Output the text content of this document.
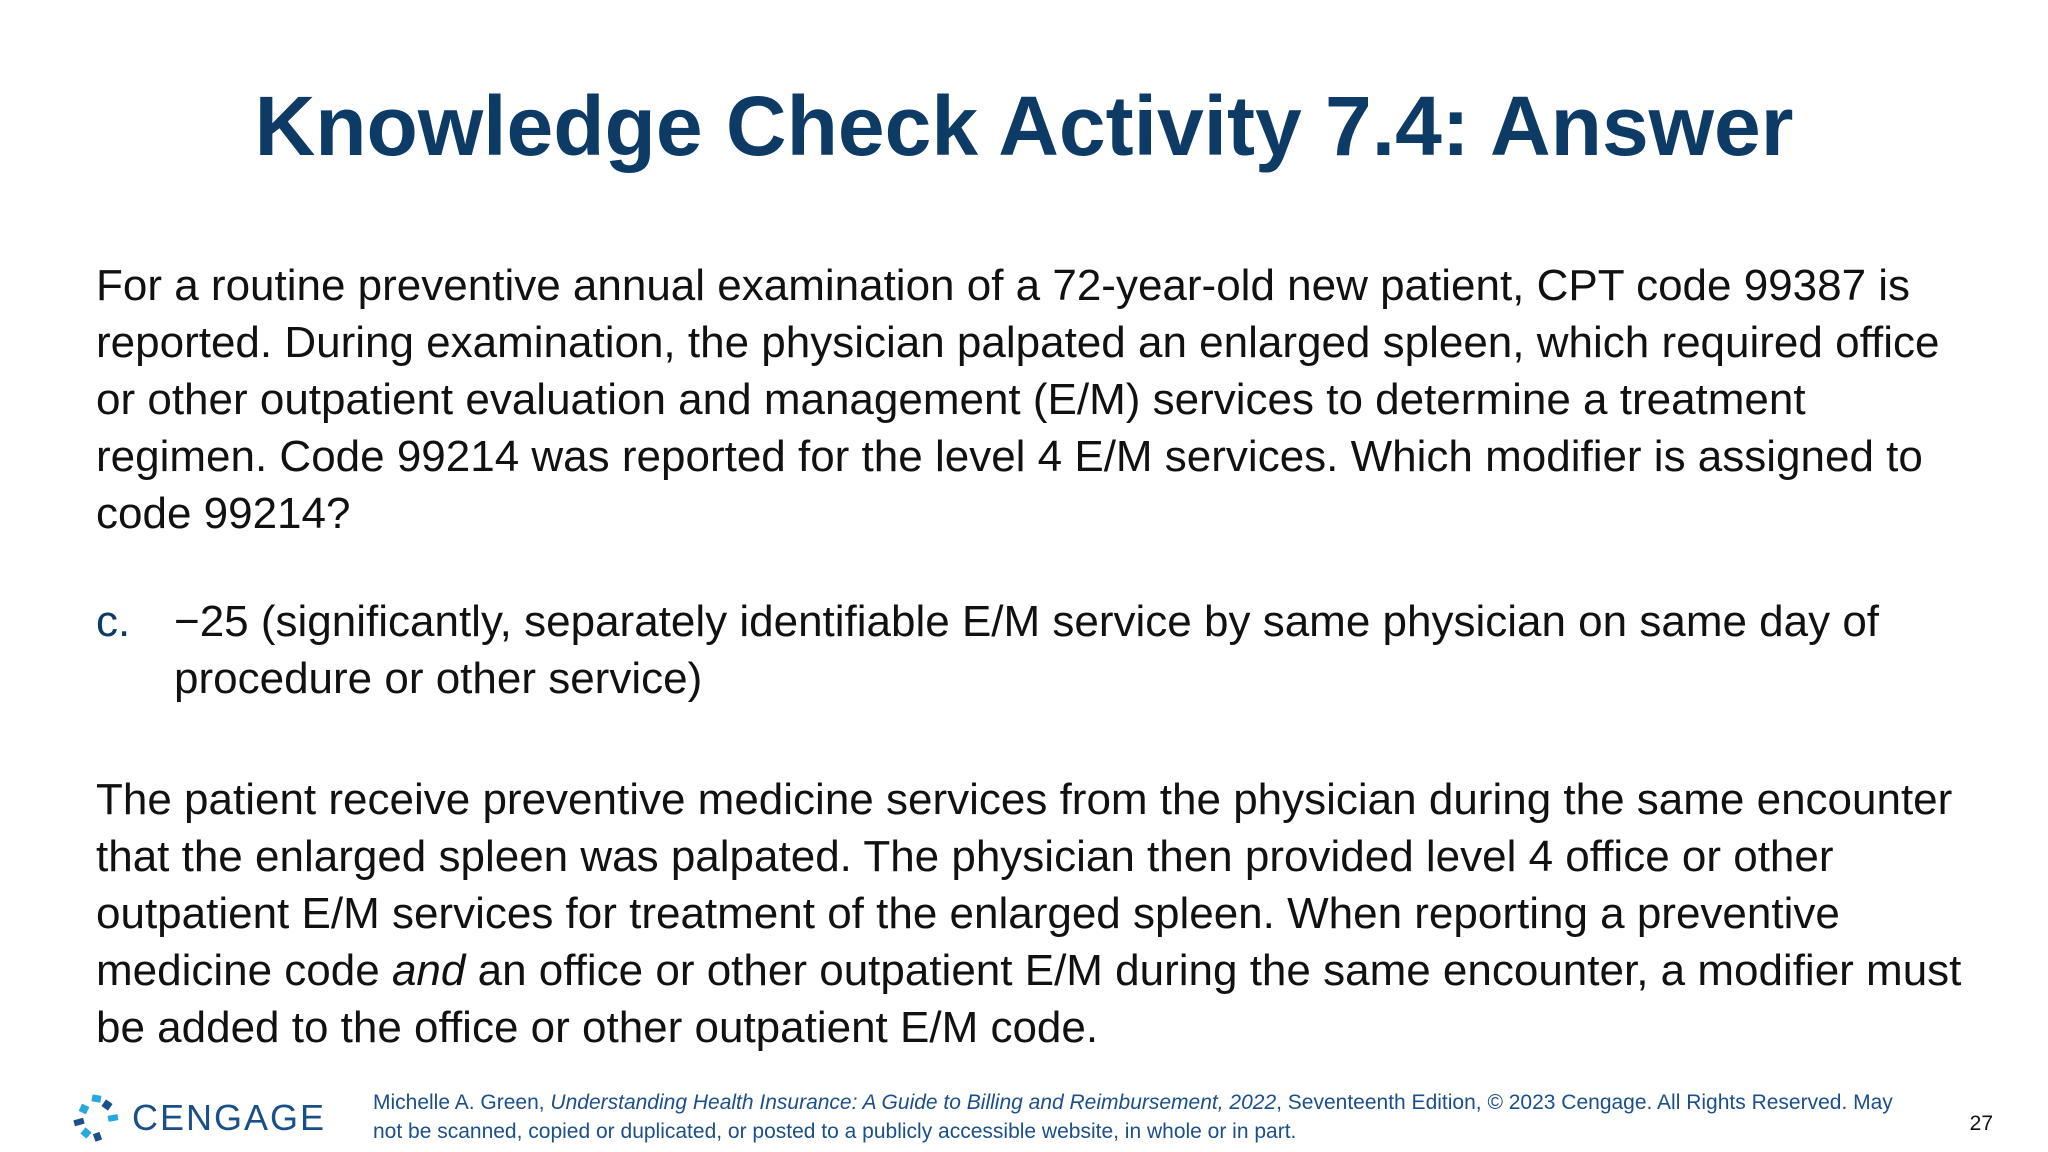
Knowledge Check Activity 7.4: Answer
For a routine preventive annual examination of a 72-year-old new patient, CPT code 99387 is reported. During examination, the physician palpated an enlarged spleen, which required office or other outpatient evaluation and management (E/M) services to determine a treatment regimen. Code 99214 was reported for the level 4 E/M services. Which modifier is assigned to code 99214?
c. −25 (significantly, separately identifiable E/M service by same physician on same day of procedure or other service)
The patient receive preventive medicine services from the physician during the same encounter that the enlarged spleen was palpated. The physician then provided level 4 office or other outpatient E/M services for treatment of the enlarged spleen. When reporting a preventive medicine code and an office or other outpatient E/M during the same encounter, a modifier must be added to the office or other outpatient E/M code.
CENGAGE Michelle A. Green, Understanding Health Insurance: A Guide to Billing and Reimbursement, 2022, Seventeenth Edition, © 2023 Cengage. All Rights Reserved. May not be scanned, copied or duplicated, or posted to a publicly accessible website, in whole or in part.	27
